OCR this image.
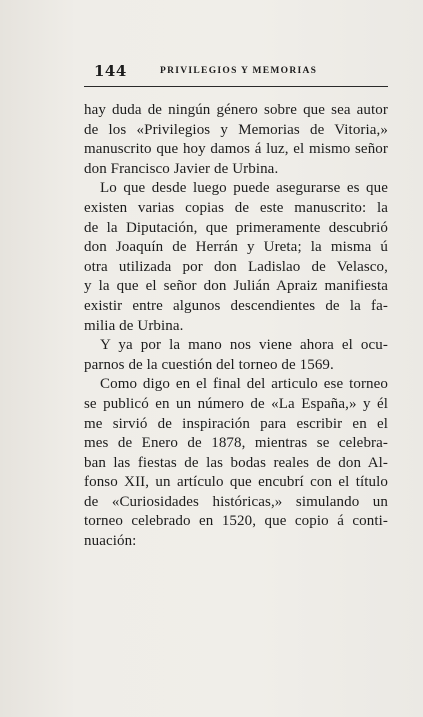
144	PRIVILEGIOS Y MEMORIAS
hay duda de ningún género sobre que sea autor
de los «Privilegios y Memorias de Vitoria,»
manuscrito que hoy damos á luz, el mismo señor
don Francisco Javier de Urbina.
Lo que desde luego puede asegurarse es que
existen varias copias de este manuscrito: la
de la Diputación, que primeramente descubrió
don Joaquín de Herrán y Ureta; la misma ú
otra utilizada por don Ladislao de Velasco,
y la que el señor don Julián Apraiz manifiesta
existir entre algunos descendientes de la fa-
milia de Urbina.
Y ya por la mano nos viene ahora el ocu-
parnos de la cuestión del torneo de 1569.
Como digo en el final del articulo ese torneo
se publicó en un número de «La España,» y él
me sirvió de inspiración para escribir en el
mes de Enero de 1878, mientras se celebra-
ban las fiestas de las bodas reales de don Al-
fonso XII, un artículo que encubrí con el título
de «Curiosidades históricas,» simulando un
torneo celebrado en 1520, que copio á conti-
nuación:
